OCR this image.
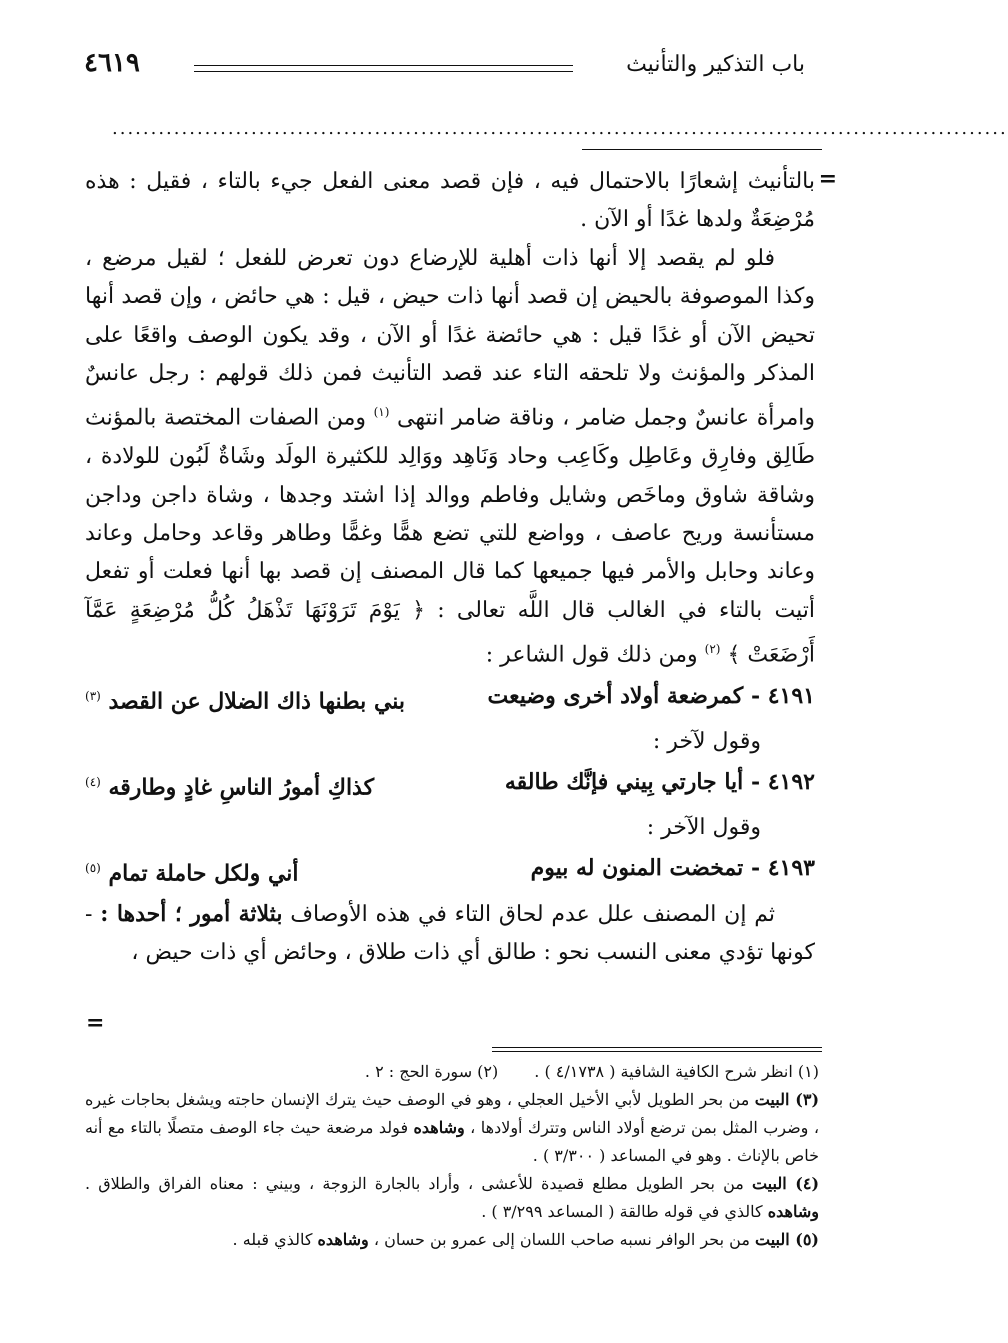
باب التذكير والتأنيث
٤٦١٩
....................................................................................................................
=

بالتأنيث إشعارًا بالاحتمال فيه ، فإن قصد معنى الفعل جيء بالتاء ، فقيل : هذه مُرْضِعَةٌ ولدها غدًا أو الآن .

فلو لم يقصد إلا أنها ذات أهلية للإرضاع دون تعرض للفعل ؛ لقيل مرضع ، وكذا الموصوفة بالحيض إن قصد أنها ذات حيض ، قيل : هي حائض ، وإن قصد أنها تحيض الآن أو غدًا قيل : هي حائضة غدًا أو الآن ، وقد يكون الوصف واقعًا على المذكر والمؤنث ولا تلحقه التاء عند قصد التأنيث فمن ذلك قولهم : رجل عانسٌ وامرأة عانسٌ وجمل ضامر ، وناقة ضامر انتهى $^{(١)}$ ومن الصفات المختصة بالمؤنث طَالِق وفارِق وعَاطِل وكَاعِب وحاد وَنَاهِد ووَالِد للكثيرة الولَد وشَاةٌ لَبُون للولادة ، وشاقة شاوق وماخَص وشايل وفاطم ووالد إذا اشتد وجدها ، وشاة داجن وداجن مستأنسة وريح عاصف ، وواضع للتي تضع همًّا وغمًّا وطاهر وقاعد وحامل وعاند وعاند وحابل والأمر فيها جميعها كما قال المصنف إن قصد بها أنها فعلت أو تفعل أتيت بالتاء في الغالب قال اللَّه تعالى : ﴿ يَوْمَ تَرَوْنَهَا تَذْهَلُ كُلُّ مُرْضِعَةٍ عَمَّآ أَرْضَعَتْ ﴾ $^{(٢)}$ ومن ذلك قول الشاعر :

٤١٩١ - كمرضعة أولاد أخرى وضيعت
بني بطنها ذاك الضلال عن القصد $^{(٣)}$

وقول لآخر :

٤١٩٢ - أيا جارتي بِيني فإنَّك طالقه
كذاكِ أمورُ الناسِ غادٍ وطارقه $^{(٤)}$

وقول الآخر :

٤١٩٣ - تمخضت المنون له بيوم
أني ولكل حاملة تمام $^{(٥)}$

ثم إن المصنف علل عدم لحاق التاء في هذه الأوصاف بثلاثة أمور ؛ أحدها : - كونها تؤدي معنى النسب نحو : طالق أي ذات طلاق ، وحائض أي ذات حيض ،

=
(١) انظر شرح الكافية الشافية ( ٤/١٧٣٨ ) .
(٢) سورة الحج : ٢ .

(٣) البيت من بحر الطويل لأبي الأخيل العجلي ، وهو في الوصف حيث يترك الإنسان حاجته ويشغل بحاجات غيره ، وضرب المثل بمن ترضع أولاد الناس وتترك أولادها ، وشاهده فولد مرضعة حيث جاء الوصف متصلًا بالتاء مع أنه خاص بالإناث . وهو في المساعد ( ٣/٣٠٠ ) .

(٤) البيت من بحر الطويل مطلع قصيدة للأعشى ، وأراد بالجارة الزوجة ، وبيني : معناه الفراق والطلاق . وشاهده كالذي في قوله طالقة ( المساعد ٣/٢٩٩ ) .

(٥) البيت من بحر الوافر نسبه صاحب اللسان إلى عمرو بن حسان ، وشاهده كالذي قبله .
